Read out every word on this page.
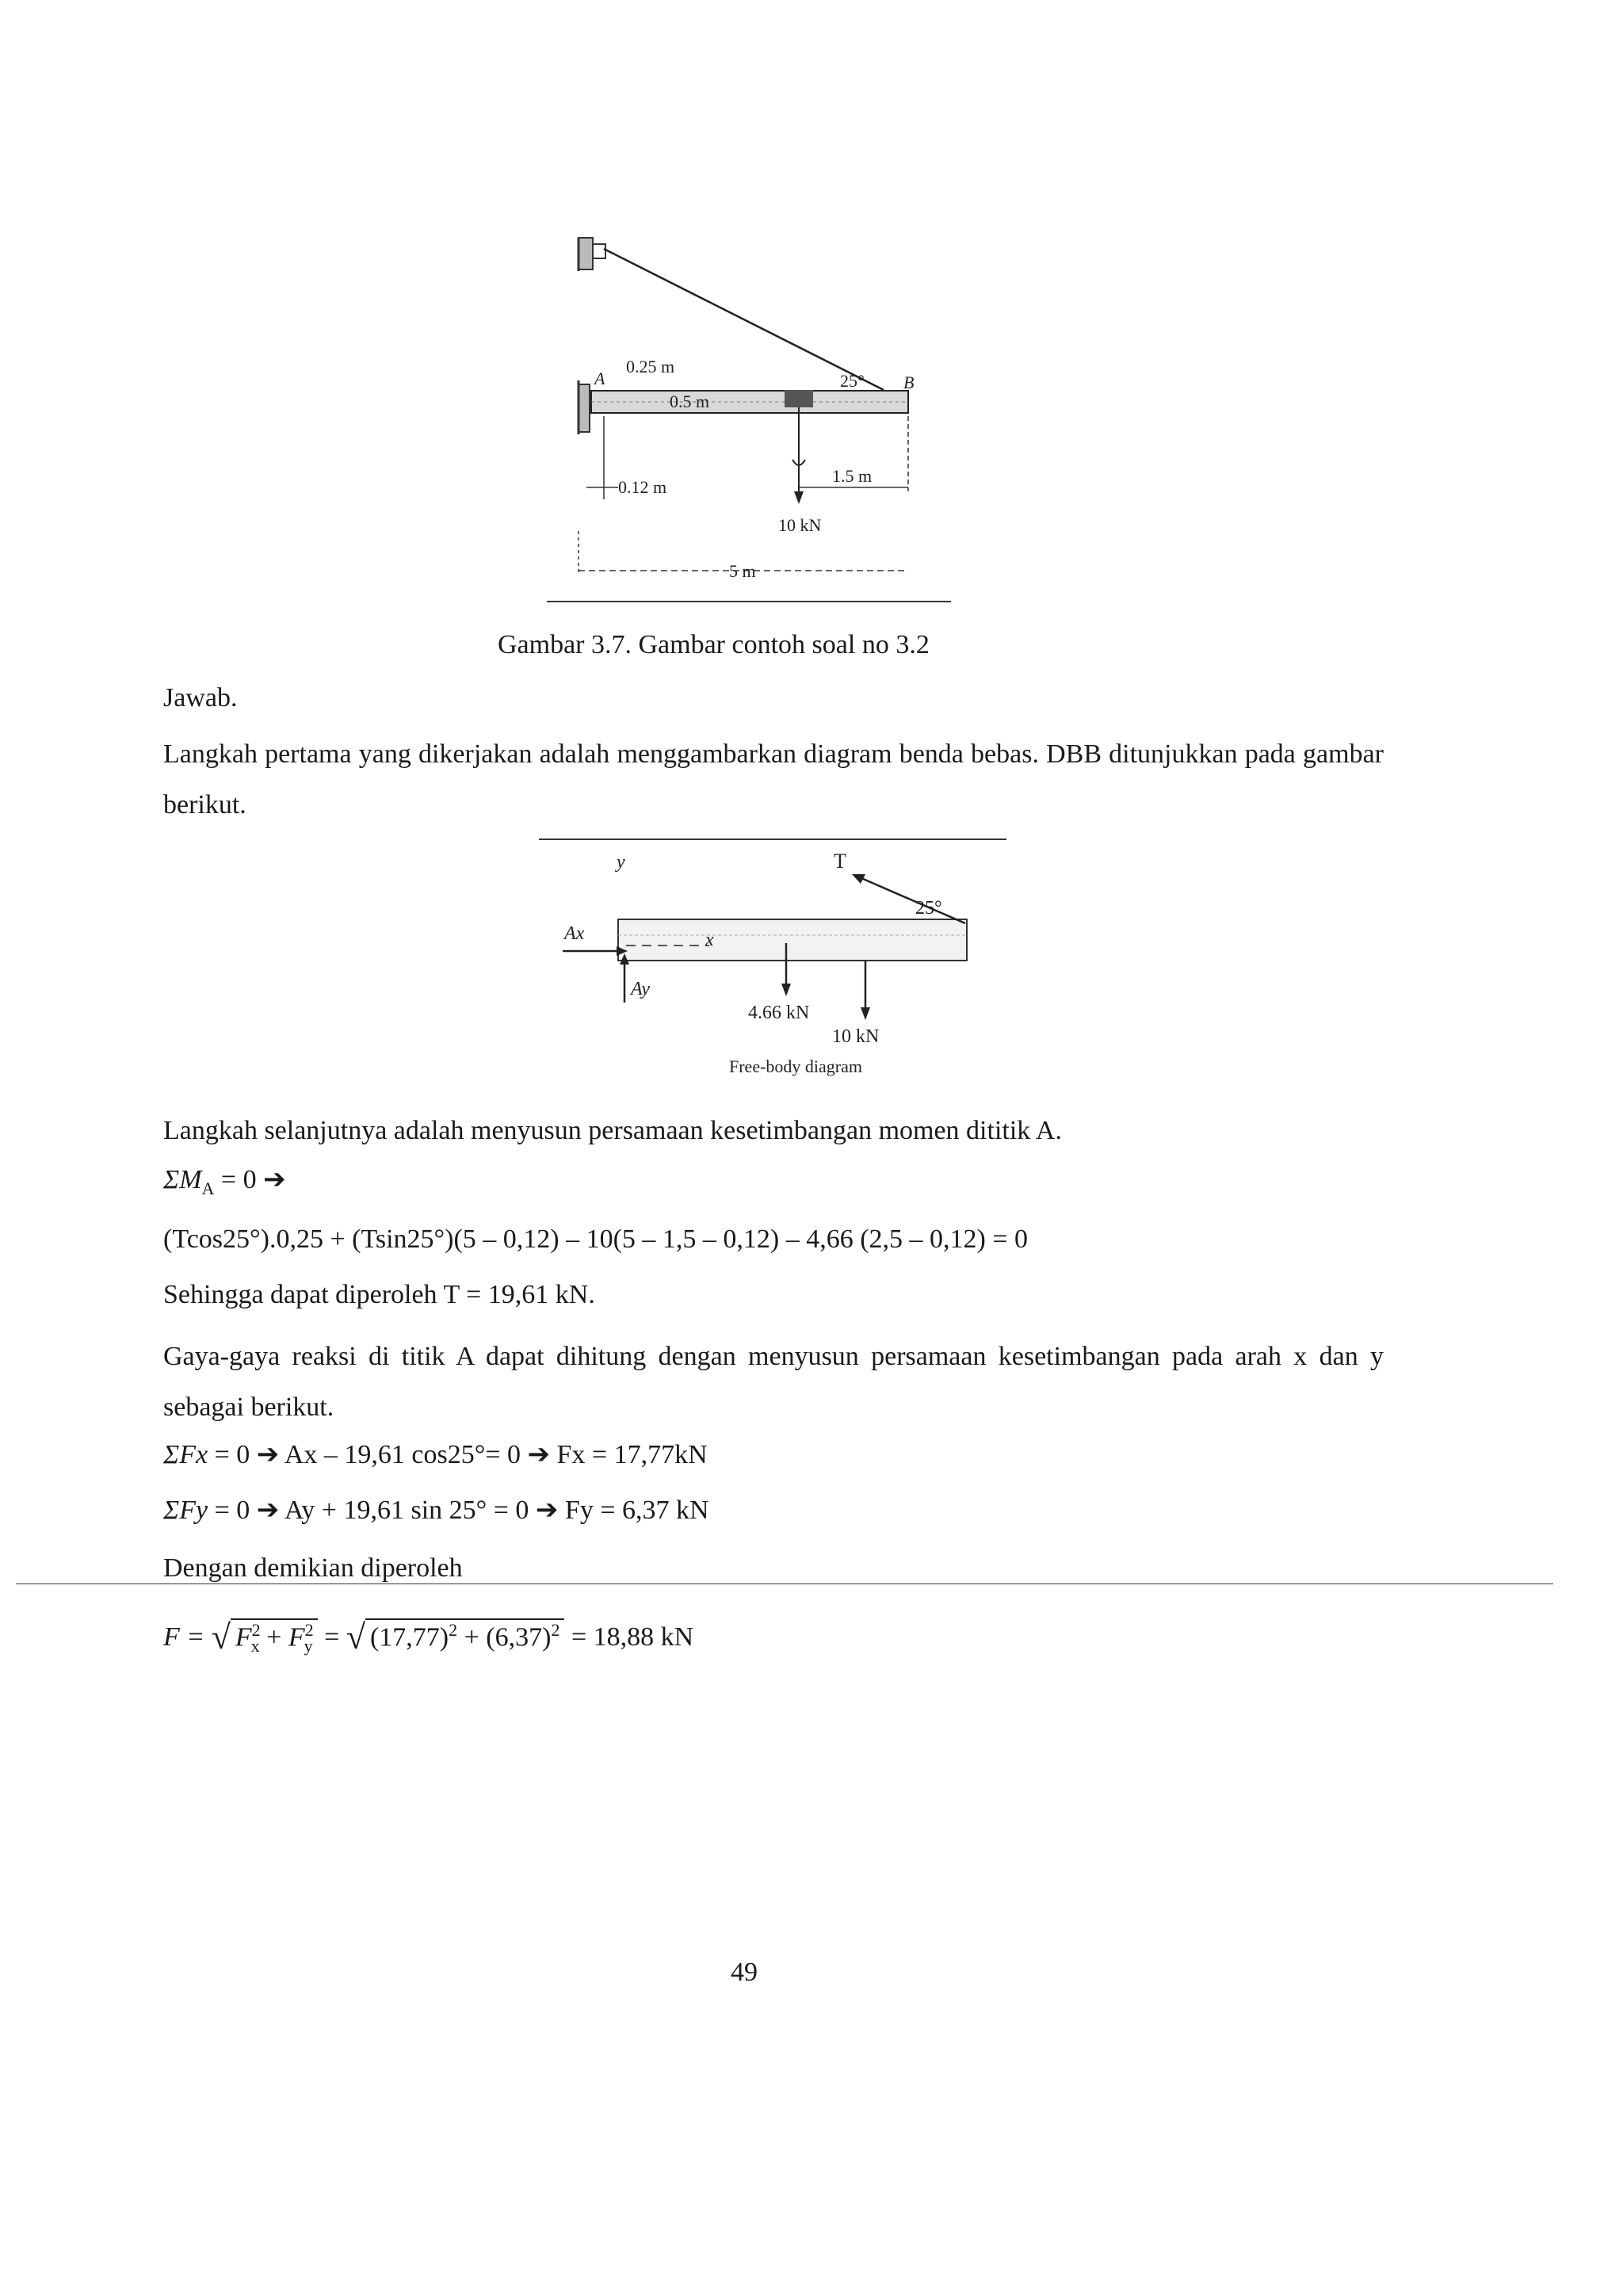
0.25 m
A
0.5 m
25° B
0.12 m
1.5 m
10 kN
5 m
Gambar 3.7. Gambar contoh soal no 3.2
Jawab.
Langkah pertama yang dikerjakan adalah menggambarkan diagram benda bebas. DBB ditunjukkan pada gambar berikut.
y	T
25°
Ax	x
Ay
4.66 kN
10 kN
Free-body diagram
Langkah selanjutnya adalah menyusun persamaan kesetimbangan momen dititik A.
$\Sigma M_A = 0$ ➔
(Tcos25°).0,25 + (Tsin25°)(5 – 0,12) – 10(5 – 1,5 – 0,12) – 4,66 (2,5 – 0,12) = 0
Sehingga dapat diperoleh T = 19,61 kN.
Gaya-gaya reaksi di titik A dapat dihitung dengan menyusun persamaan kesetimbangan pada arah x dan y sebagai berikut.
ΣFx = 0 ➔ Ax – 19,61 cos25°= 0 ➔ Fx = 17,77kN
ΣFy = 0 ➔ Ay + 19,61 sin 25° = 0 ➔ Fy = 6,37 kN
Dengan demikian diperoleh
F = √ $F^2_x + F^2_y$ = √ $(17,77)^2 + (6,37)^2 = 18,88$ kN
49
